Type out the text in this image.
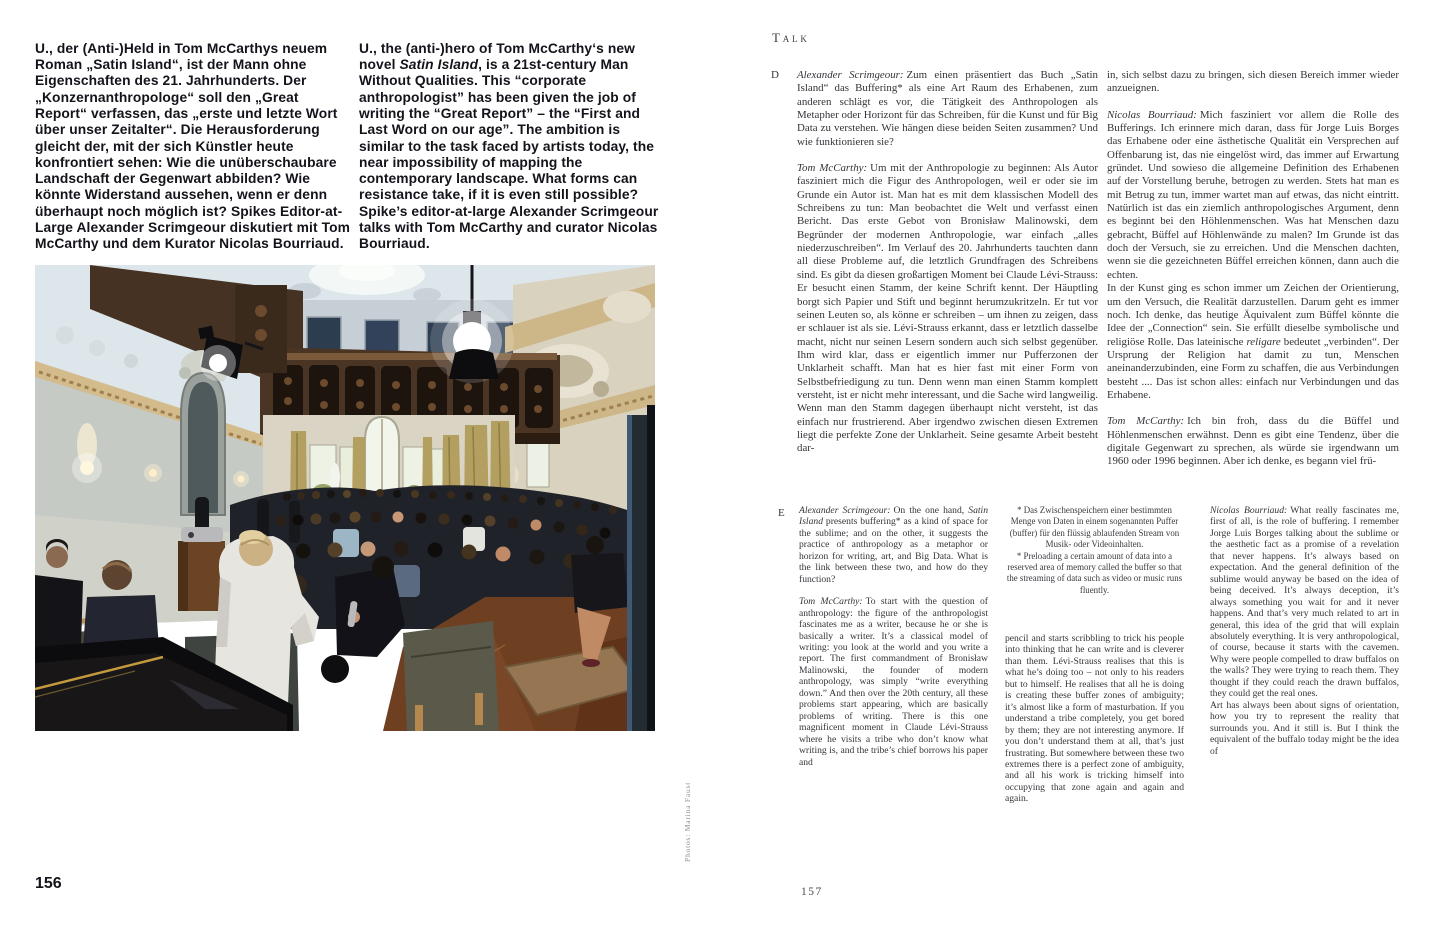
U., der (Anti-)Held in Tom McCarthys neuem Roman „Satin Island“, ist der Mann ohne Eigenschaften des 21. Jahrhunderts. Der „Konzernanthropologe“ soll den „Great Report“ verfassen, das „erste und letzte Wort über unser Zeitalter“. Die Herausforderung gleicht der, mit der sich Künstler heute konfrontiert sehen: Wie die unüberschaubare Landschaft der Gegenwart abbilden? Wie könnte Widerstand aussehen, wenn er denn überhaupt noch möglich ist? Spikes Editor-at-Large Alexander Scrimgeour diskutiert mit Tom McCarthy und dem Kurator Nicolas Bourriaud.

U., the (anti-)hero of Tom McCarthy‘s new novel Satin Island, is a 21st-century Man Without Qualities. This “corporate anthropologist” has been given the job of writing the “Great Report” – the “First and Last Word on our age”. The ambition is similar to the task faced by artists today, the near impossibility of mapping the contemporary landscape. What forms can resistance take, if it is even still possible? Spike’s editor-at-large Alexander Scrimgeour talks with Tom McCarthy and curator Nicolas Bourriaud.

Photos: Marina Faust
156
Talk
D Alexander Scrimgeour: Zum einen präsentiert das Buch „Satin Island“ das Buffering* als eine Art Raum des Erhabenen, zum anderen schlägt es vor, die Tätigkeit des Anthropologen als Metapher oder Horizont für das Schreiben, für die Kunst und für Big Data zu verstehen. Wie hängen diese beiden Seiten zusammen? Und wie funktionieren sie?

Tom McCarthy: Um mit der Anthropologie zu beginnen: Als Autor fasziniert mich die Figur des Anthropologen, weil er oder sie im Grunde ein Autor ist. Man hat es mit dem klassischen Modell des Schreibens zu tun: Man beobachtet die Welt und verfasst einen Bericht. Das erste Gebot von Bronisław Malinowski, dem Begründer der modernen Anthropologie, war einfach „alles niederzuschreiben“. Im Verlauf des 20. Jahrhunderts tauchten dann all diese Probleme auf, die letztlich Grundfragen des Schreibens sind. Es gibt da diesen großartigen Moment bei Claude Lévi-Strauss: Er besucht einen Stamm, der keine Schrift kennt. Der Häuptling borgt sich Papier und Stift und beginnt herumzukritzeln. Er tut vor seinen Leuten so, als könne er schreiben – um ihnen zu zeigen, dass er schlauer ist als sie. Lévi-Strauss erkannt, dass er letztlich dasselbe macht, nicht nur seinen Lesern sondern auch sich selbst gegenüber. Ihm wird klar, dass er eigentlich immer nur Pufferzonen der Unklarheit schafft. Man hat es hier fast mit einer Form von Selbstbefriedigung zu tun. Denn wenn man einen Stamm komplett versteht, ist er nicht mehr interessant, und die Sache wird langweilig. Wenn man den Stamm dagegen überhaupt nicht versteht, ist das einfach nur frustrierend. Aber irgendwo zwischen diesen Extremen liegt die perfekte Zone der Unklarheit. Seine gesamte Arbeit besteht dar-

in, sich selbst dazu zu bringen, sich diesen Bereich immer wieder anzueignen.

Nicolas Bourriaud: Mich fasziniert vor allem die Rolle des Bufferings. Ich erinnere mich daran, dass für Jorge Luis Borges das Erhabene oder eine ästhetische Qualität ein Versprechen auf Offenbarung ist, das nie eingelöst wird, das immer auf Erwartung gründet. Und sowieso die allgemeine Definition des Erhabenen auf der Vorstellung beruhe, betrogen zu werden. Stets hat man es mit Betrug zu tun, immer wartet man auf etwas, das nicht eintritt. Natürlich ist das ein ziemlich anthropologisches Argument, denn es beginnt bei den Höhlenmenschen. Was hat Menschen dazu gebracht, Büffel auf Höhlenwände zu malen? Im Grunde ist das doch der Versuch, sie zu erreichen. Und die Menschen dachten, wenn sie die gezeichneten Büffel erreichen können, dann auch die echten.

In der Kunst ging es schon immer um Zeichen der Orientierung, um den Versuch, die Realität darzustellen. Darum geht es immer noch. Ich denke, das heutige Äquivalent zum Büffel könnte die Idee der „Connection“ sein. Sie erfüllt dieselbe symbolische und religiöse Rolle. Das lateinische religare bedeutet „verbinden“. Der Ursprung der Religion hat damit zu tun, Menschen aneinanderzubinden, eine Form zu schaffen, die aus Verbindungen besteht .... Das ist schon alles: einfach nur Verbindungen und das Erhabene.

Tom McCarthy: Ich bin froh, dass du die Büffel und Höhlenmenschen erwähnst. Denn es gibt eine Tendenz, über die digitale Gegenwart zu sprechen, als würde sie irgendwann um 1960 oder 1996 beginnen. Aber ich denke, es begann viel frü-

E Alexander Scrimgeour: On the one hand, Satin Island presents buffering* as a kind of space for the sublime; and on the other, it suggests the practice of anthropology as a metaphor or horizon for writing, art, and Big Data. What is the link between these two, and how do they function?

Tom McCarthy: To start with the question of anthropology: the figure of the anthropologist fascinates me as a writer, because he or she is basically a writer. It’s a classical model of writing: you look at the world and you write a report. The first commandment of Bronisław Malinowski, the founder of modern anthropology, was simply “write everything down.” And then over the 20th century, all these problems start appearing, which are basically problems of writing. There is this one magnificent moment in Claude Lévi-Strauss where he visits a tribe who don’t know what writing is, and the tribe’s chief borrows his paper and

* Das Zwischenspeichern einer bestimmten Menge von Daten in einem sogenannten Puffer (buffer) für den flüssig ablaufenden Stream von Musik- oder Videoinhalten.

* Preloading a certain amount of data into a reserved area of memory called the buffer so that the streaming of data such as video or music runs fluently.

pencil and starts scribbling to trick his people into thinking that he can write and is cleverer than them. Lévi-Strauss realises that this is what he’s doing too – not only to his readers but to himself. He realises that all he is doing is creating these buffer zones of ambiguity; it’s almost like a form of masturbation. If you understand a tribe completely, you get bored by them; they are not interesting anymore. If you don’t understand them at all, that’s just frustrating. But somewhere between these two extremes there is a perfect zone of ambiguity, and all his work is tricking himself into occupying that zone again and again and again.

Nicolas Bourriaud: What really fascinates me, first of all, is the role of buffering. I remember Jorge Luis Borges talking about the sublime or the aesthetic fact as a promise of a revelation that never happens. It’s always based on expectation. And the general definition of the sublime would anyway be based on the idea of being deceived. It’s always deception, it’s always something you wait for and it never happens. And that’s very much related to art in general, this idea of the grid that will explain absolutely everything. It is very anthropological, of course, because it starts with the cavemen. Why were people compelled to draw buffalos on the walls? They were trying to reach them. They thought if they could reach the drawn buffalos, they could get the real ones.

Art has always been about signs of orientation, how you try to represent the reality that surrounds you. And it still is. But I think the equivalent of the buffalo today might be the idea of

157
